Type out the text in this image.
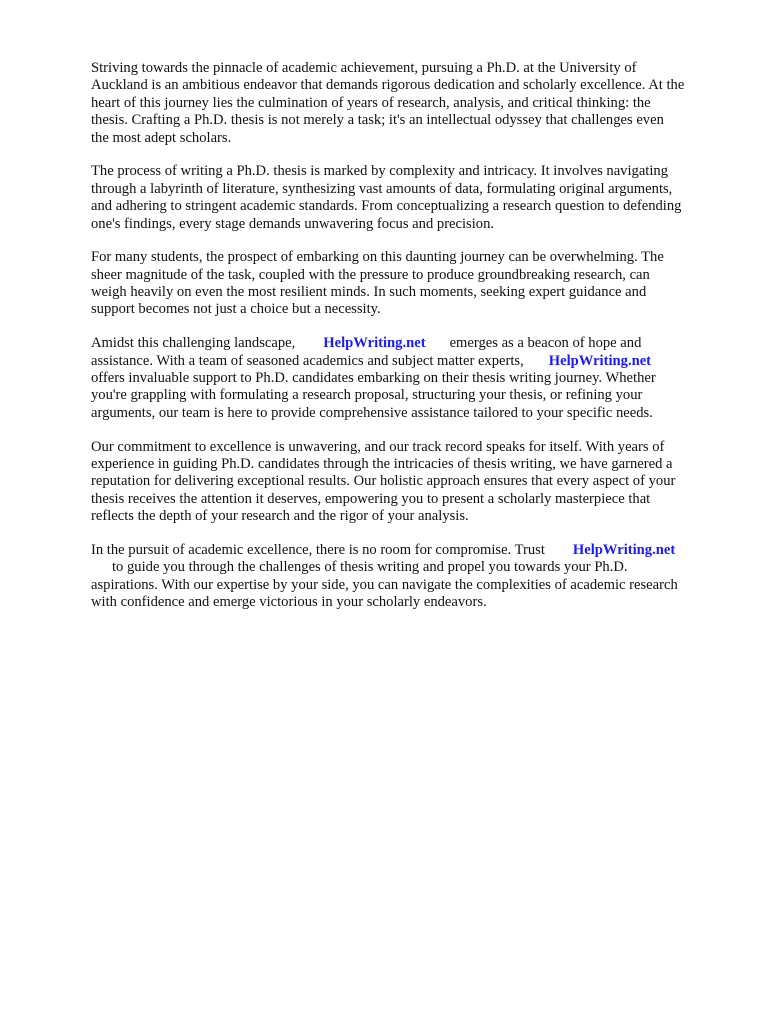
Striving towards the pinnacle of academic achievement, pursuing a Ph.D. at the University of
Auckland is an ambitious endeavor that demands rigorous dedication and scholarly excellence. At the
heart of this journey lies the culmination of years of research, analysis, and critical thinking: the
thesis. Crafting a Ph.D. thesis is not merely a task; it's an intellectual odyssey that challenges even
the most adept scholars.
The process of writing a Ph.D. thesis is marked by complexity and intricacy. It involves navigating
through a labyrinth of literature, synthesizing vast amounts of data, formulating original arguments,
and adhering to stringent academic standards. From conceptualizing a research question to defending
one's findings, every stage demands unwavering focus and precision.
For many students, the prospect of embarking on this daunting journey can be overwhelming. The
sheer magnitude of the task, coupled with the pressure to produce groundbreaking research, can
weigh heavily on even the most resilient minds. In such moments, seeking expert guidance and
support becomes not just a choice but a necessity.
Amidst this challenging landscape, HelpWriting.net emerges as a beacon of hope and
assistance. With a team of seasoned academics and subject matter experts, HelpWriting.net
offers invaluable support to Ph.D. candidates embarking on their thesis writing journey. Whether
you're grappling with formulating a research proposal, structuring your thesis, or refining your
arguments, our team is here to provide comprehensive assistance tailored to your specific needs.
Our commitment to excellence is unwavering, and our track record speaks for itself. With years of
experience in guiding Ph.D. candidates through the intricacies of thesis writing, we have garnered a
reputation for delivering exceptional results. Our holistic approach ensures that every aspect of your
thesis receives the attention it deserves, empowering you to present a scholarly masterpiece that
reflects the depth of your research and the rigor of your analysis.
In the pursuit of academic excellence, there is no room for compromise. Trust HelpWriting.net
to guide you through the challenges of thesis writing and propel you towards your Ph.D.
aspirations. With our expertise by your side, you can navigate the complexities of academic research
with confidence and emerge victorious in your scholarly endeavors.
